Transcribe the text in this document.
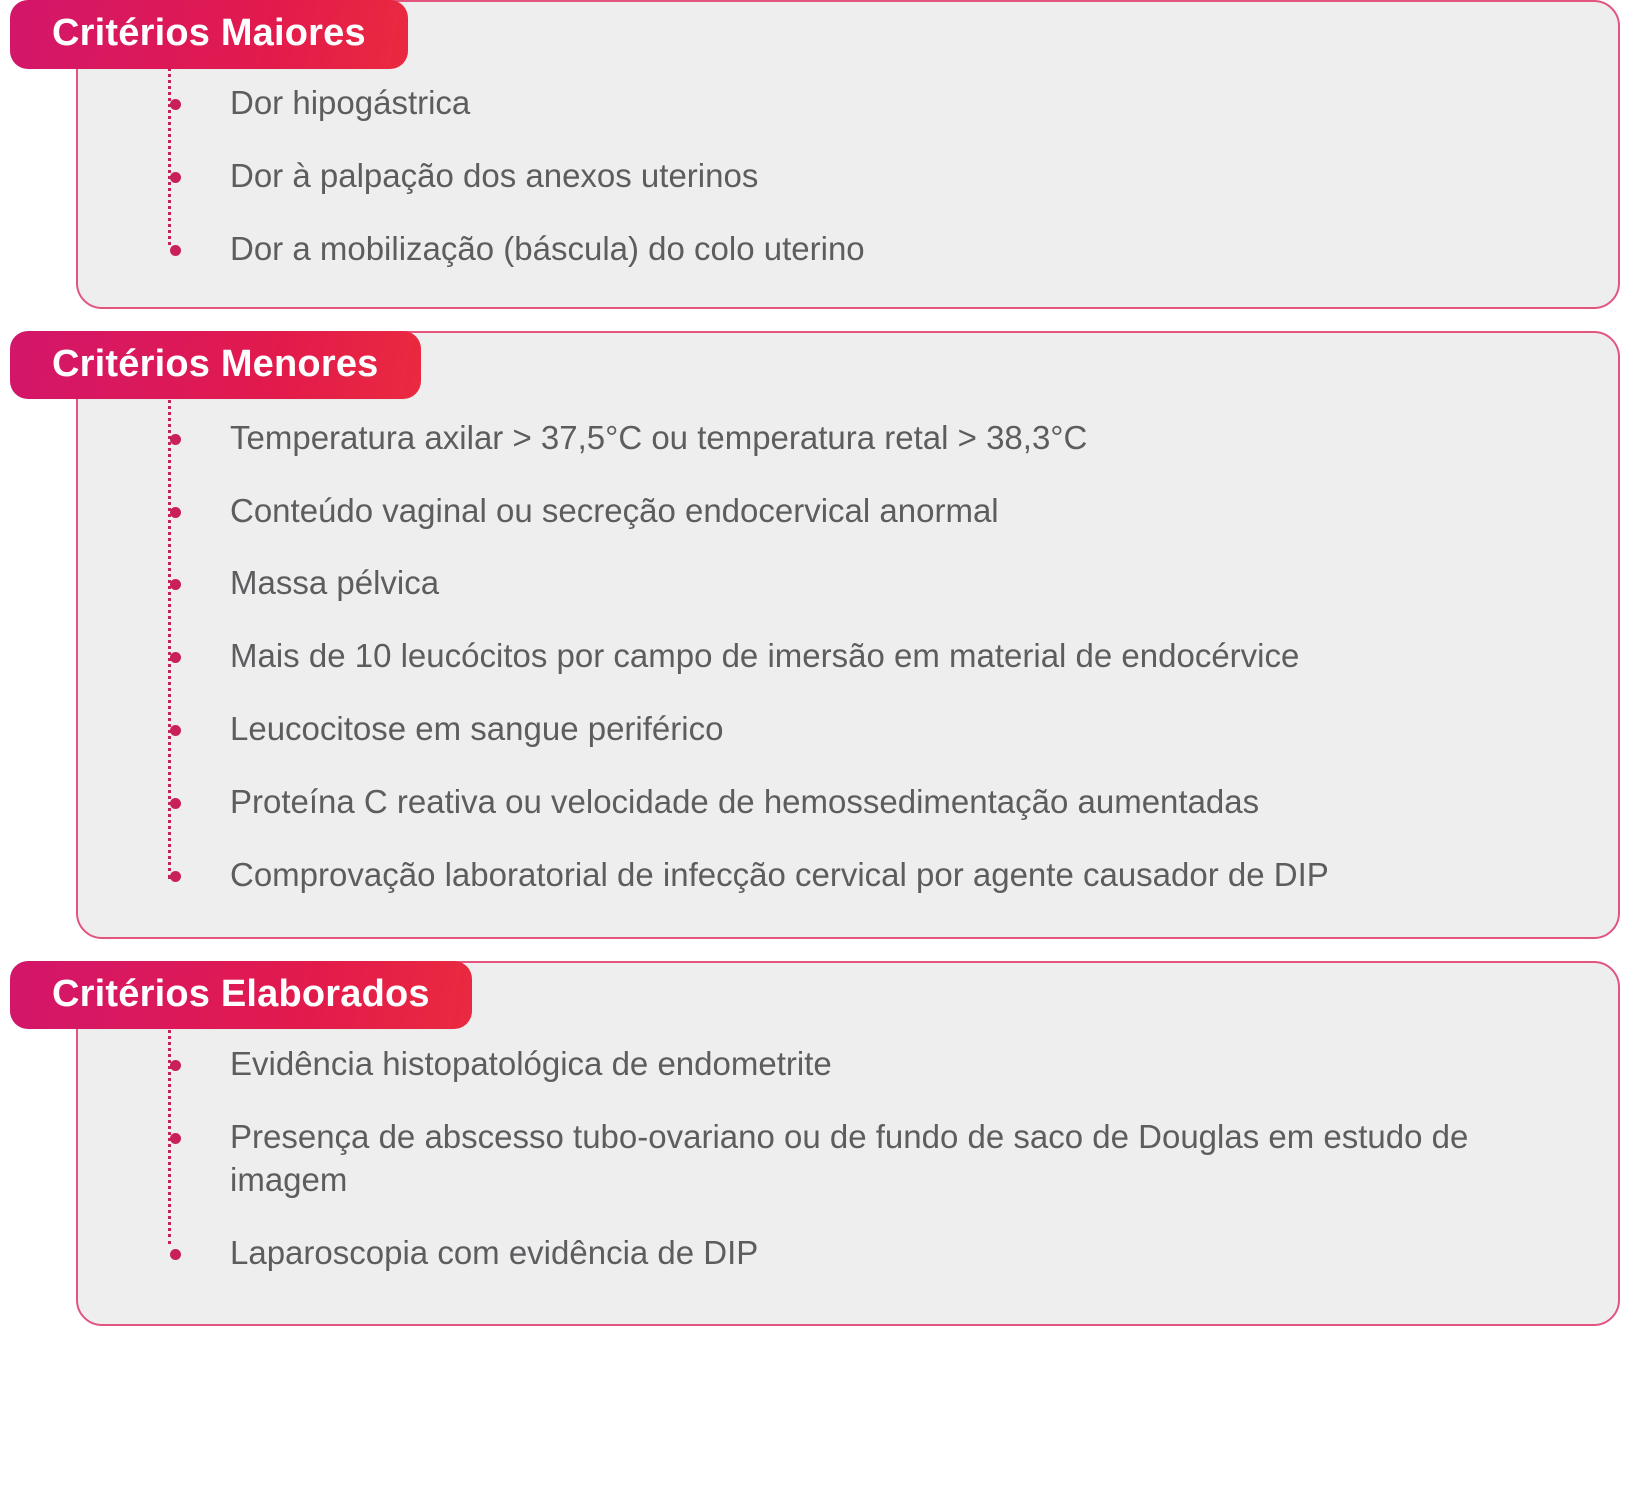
Critérios Maiores
Dor hipogástrica
Dor à palpação dos anexos uterinos
Dor a mobilização (báscula) do colo uterino
Critérios Menores
Temperatura axilar > 37,5°C ou temperatura retal > 38,3°C
Conteúdo vaginal ou secreção endocervical anormal
Massa pélvica
Mais de 10 leucócitos por campo de imersão em material de endocérvice
Leucocitose em sangue periférico
Proteína C reativa ou velocidade de hemossedimentação aumentadas
Comprovação laboratorial de infecção cervical por agente causador de DIP
Critérios Elaborados
Evidência histopatológica de endometrite
Presença de abscesso tubo-ovariano ou de fundo de saco de Douglas em estudo de imagem
Laparoscopia com evidência de DIP
